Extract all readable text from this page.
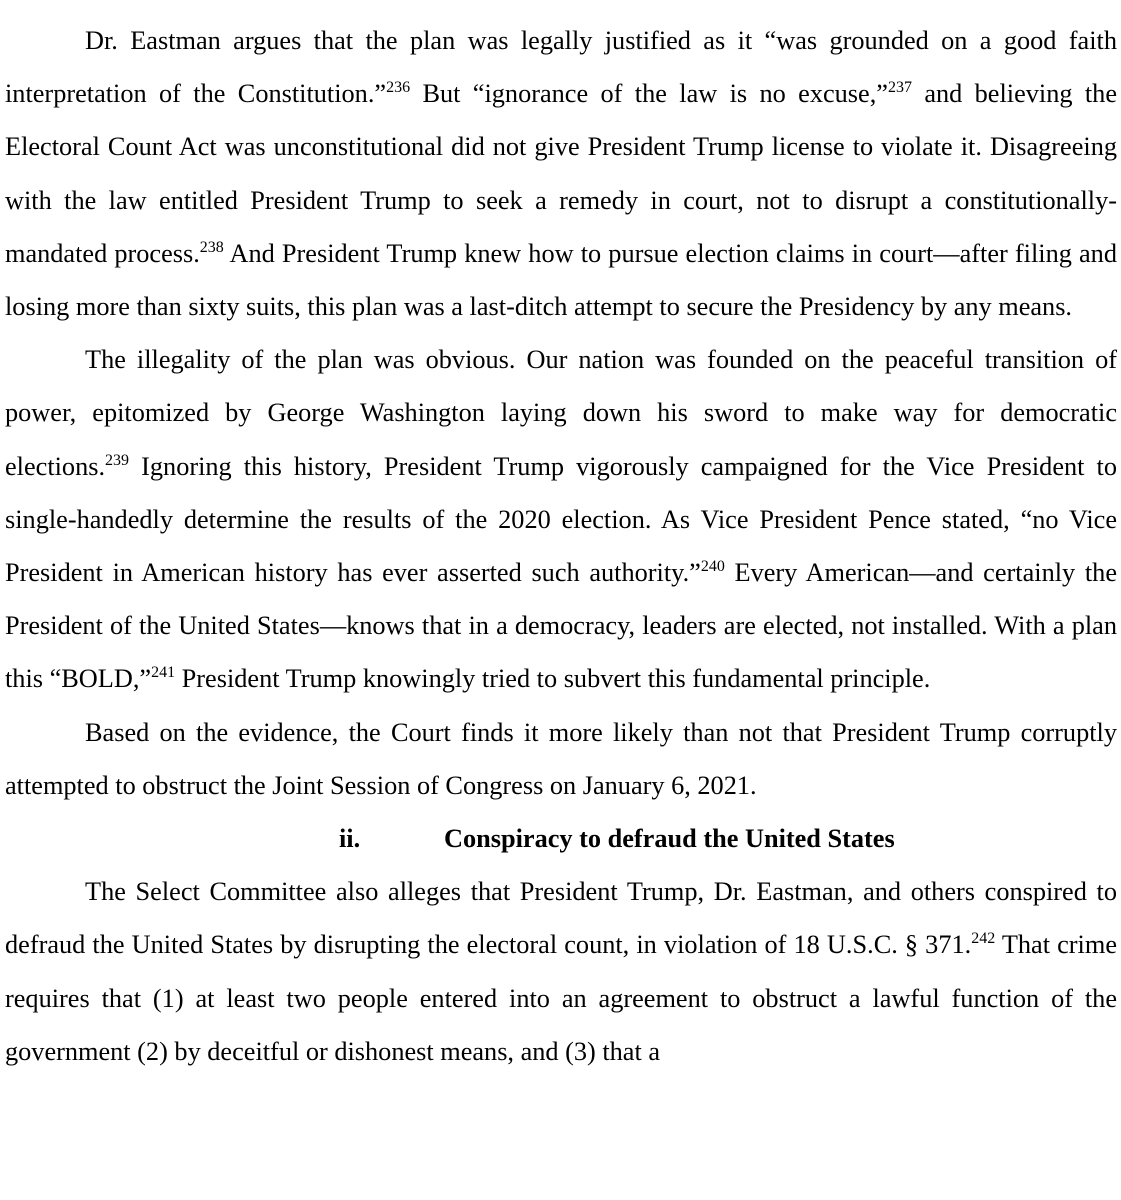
Dr. Eastman argues that the plan was legally justified as it “was grounded on a good faith interpretation of the Constitution.”$^{236}$ But “ignorance of the law is no excuse,”$^{237}$ and believing the Electoral Count Act was unconstitutional did not give President Trump license to violate it. Disagreeing with the law entitled President Trump to seek a remedy in court, not to disrupt a constitutionally-mandated process.$^{238}$ And President Trump knew how to pursue election claims in court—after filing and losing more than sixty suits, this plan was a last-ditch attempt to secure the Presidency by any means.

The illegality of the plan was obvious. Our nation was founded on the peaceful transition of power, epitomized by George Washington laying down his sword to make way for democratic elections.$^{239}$ Ignoring this history, President Trump vigorously campaigned for the Vice President to single-handedly determine the results of the 2020 election. As Vice President Pence stated, “no Vice President in American history has ever asserted such authority.”$^{240}$ Every American—and certainly the President of the United States—knows that in a democracy, leaders are elected, not installed. With a plan this “BOLD,”$^{241}$ President Trump knowingly tried to subvert this fundamental principle.

Based on the evidence, the Court finds it more likely than not that President Trump corruptly attempted to obstruct the Joint Session of Congress on January 6, 2021.

ii.	Conspiracy to defraud the United States

The Select Committee also alleges that President Trump, Dr. Eastman, and others conspired to defraud the United States by disrupting the electoral count, in violation of 18 U.S.C. § 371.$^{242}$ That crime requires that (1) at least two people entered into an agreement to obstruct a lawful function of the government (2) by deceitful or dishonest means, and (3) that a
